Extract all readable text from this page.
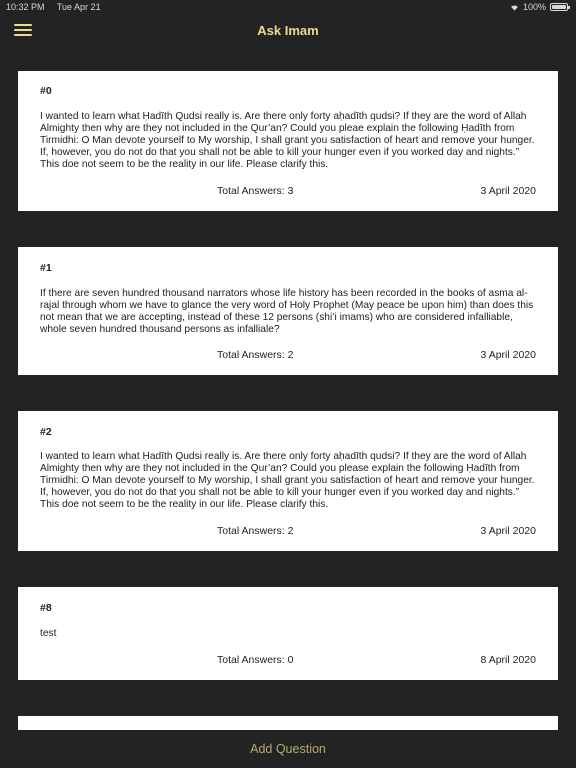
10:32 PM Tue Apr 21	100%
Ask Imam
#0
I wanted to learn what Ḥadīth Qudsi really is. Are there only forty aḥadīth qudsi? If they are the word of Allah Almighty then why are they not included in the Qur’an? Could you pleae explain the following Ḥadīth from Tirmidhi: O Man devote yourself to My worship, I shall grant you satisfaction of heart and remove your hunger. If, however, you do not do that you shall not be able to kill your hunger even if you worked day and nights.” This doe not seem to be the reality in our life. Please clarify this.
Total Answers: 3	3 April 2020
#1
If there are seven hundred thousand narrators whose life history has been recorded in the books of asma al-rajal through whom we have to glance the very word of Holy Prophet (May peace be upon him) than does this not mean that we are accepting, instead of these 12 persons (shi’i imams) who are considered infalliable, whole seven hundred thousand persons as infalliale?
Total Answers: 2	3 April 2020
#2
I wanted to learn what Ḥadīth Qudsi really is. Are there only forty aḥadīth qudsi? If they are the word of Allah Almighty then why are they not included in the Qur’an? Could you please explain the following Ḥadīth from Tirmidhi: O Man devote yourself to My worship, I shall grant you satisfaction of heart and remove your hunger. If, however, you do not do that you shall not be able to kill your hunger even if you worked day and nights.” This doe not seem to be the reality in our life. Please clarify this.
Total Answers: 2	3 April 2020
#8
test
Total Answers: 0	8 April 2020
Add Question
